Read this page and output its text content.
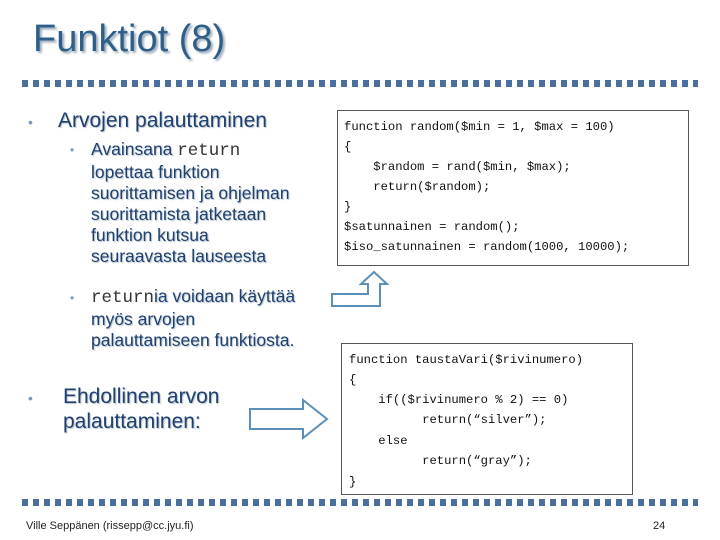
Funktiot (8)
• Arvojen palauttaminen
• Avainsana return
lopettaa funktion
suorittamisen ja ohjelman
suorittamista jatketaan
funktion kutsua
seuraavasta lauseesta
• returnia voidaan käyttää
myös arvojen
palauttamiseen funktiosta.
• Ehdollinen arvon
palauttaminen:
function random($min = 1, $max = 100)
{
$random = rand($min, $max);
return($random);
}
$satunnainen = random();
$iso_satunnainen = random(1000, 10000);
function taustaVari($rivinumero)
{
if(($rivinumero % 2) == 0)
return(“silver”);
else
return(“gray”);
}
Ville Seppänen (rissepp@cc.jyu.fi)	24
